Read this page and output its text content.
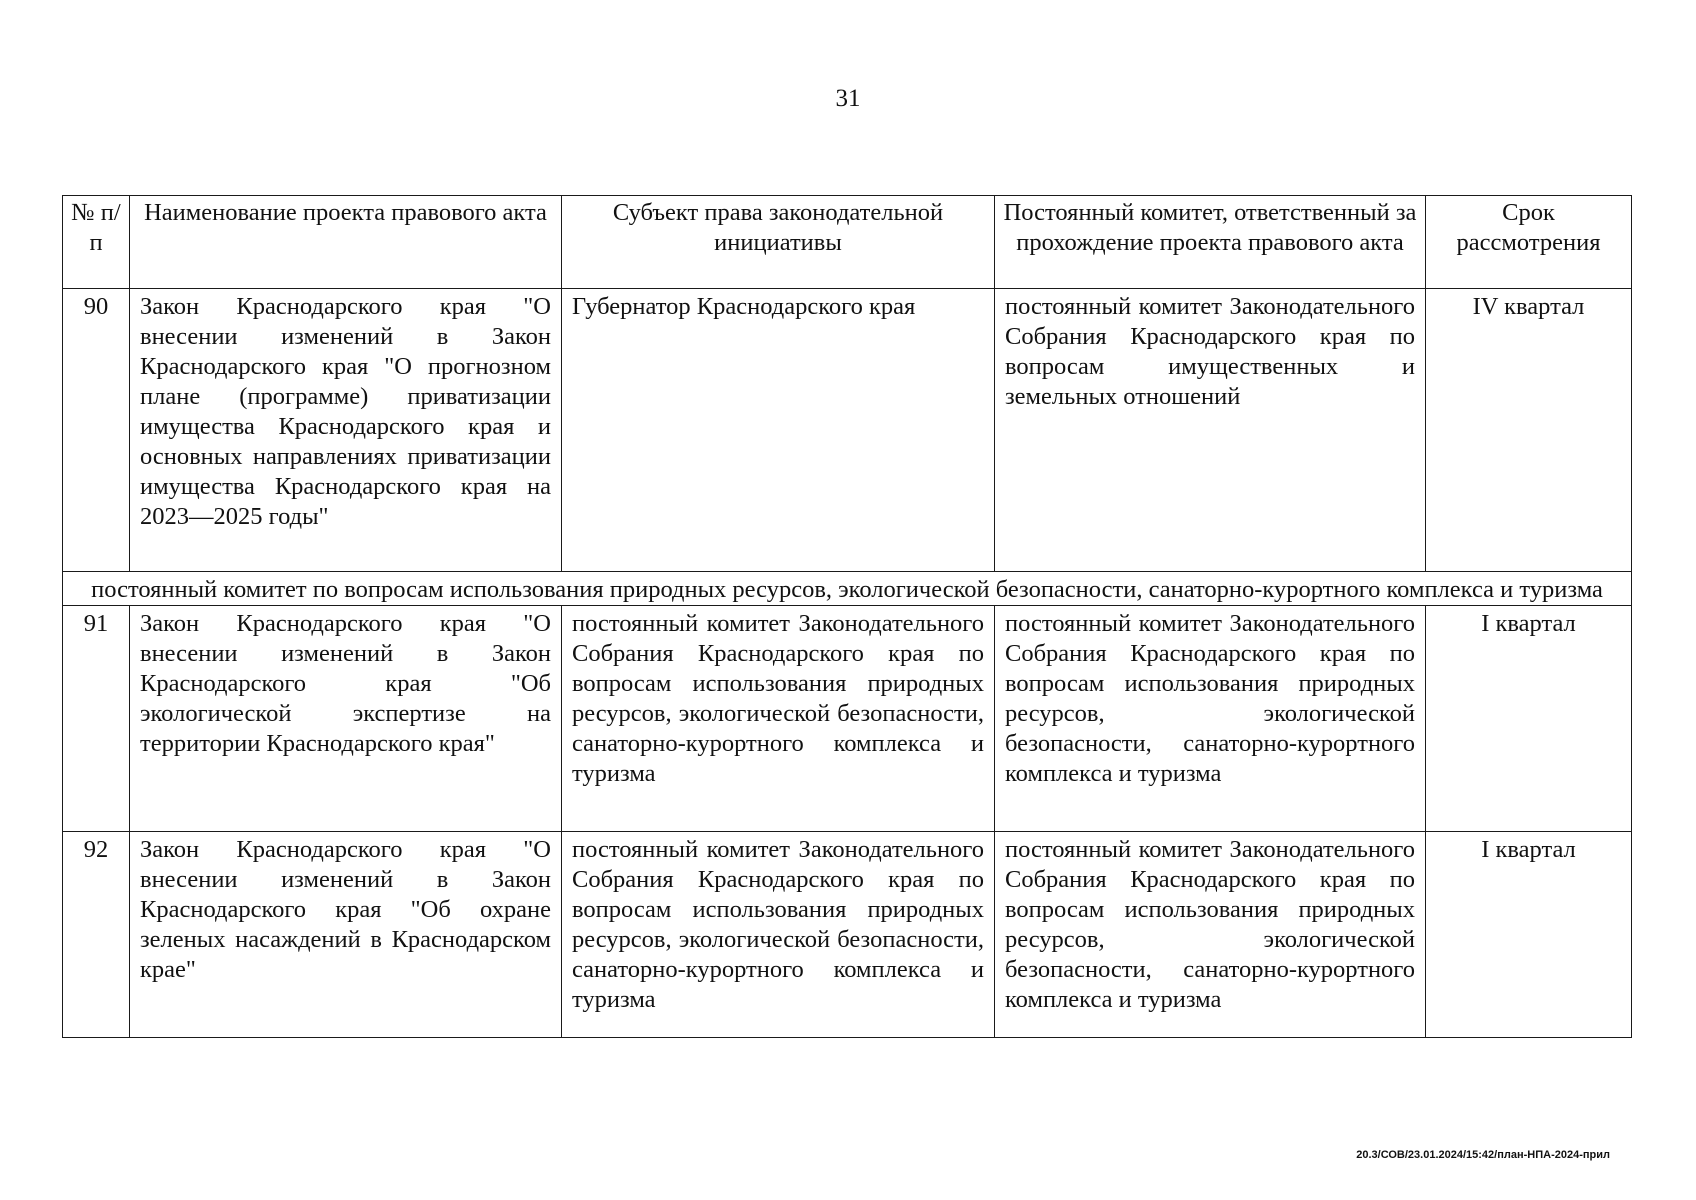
31
№ п/п	Наименование проекта правового акта	Субъект права законодательной инициативы	Постоянный комитет, ответственный за прохождение проекта правового акта	Срок рассмотрения
90	Закон Краснодарского края "О внесении изменений в Закон Краснодарского края "О прогнозном плане (программе) приватизации имущества Краснодарского края и основных направлениях приватизации имущества Краснодарского края на 2023—2025 годы"	Губернатор Краснодарского края	постоянный комитет Законодательного Собрания Краснодарского края по вопросам имущественных и земельных отношений	IV квартал
постоянный комитет по вопросам использования природных ресурсов, экологической безопасности, санаторно-курортного комплекса и туризма				
91	Закон Краснодарского края "О внесении изменений в Закон Краснодарского края "Об экологической экспертизе на территории Краснодарского края"	постоянный комитет Законодательного Собрания Краснодарского края по вопросам использования природных ресурсов, экологической безопасности, санаторно-курортного комплекса и туризма	постоянный комитет Законодательного Собрания Краснодарского края по вопросам использования природных ресурсов, экологической безопасности, санаторно-курортного комплекса и туризма	I квартал
92	Закон Краснодарского края "О внесении изменений в Закон Краснодарского края "Об охране зеленых насаждений в Краснодарском крае"	постоянный комитет Законодательного Собрания Краснодарского края по вопросам использования природных ресурсов, экологической безопасности, санаторно-курортного комплекса и туризма	постоянный комитет Законодательного Собрания Краснодарского края по вопросам использования природных ресурсов, экологической безопасности, санаторно-курортного комплекса и туризма	I квартал
20.3/СОВ/23.01.2024/15:42/план-НПА-2024-прил
